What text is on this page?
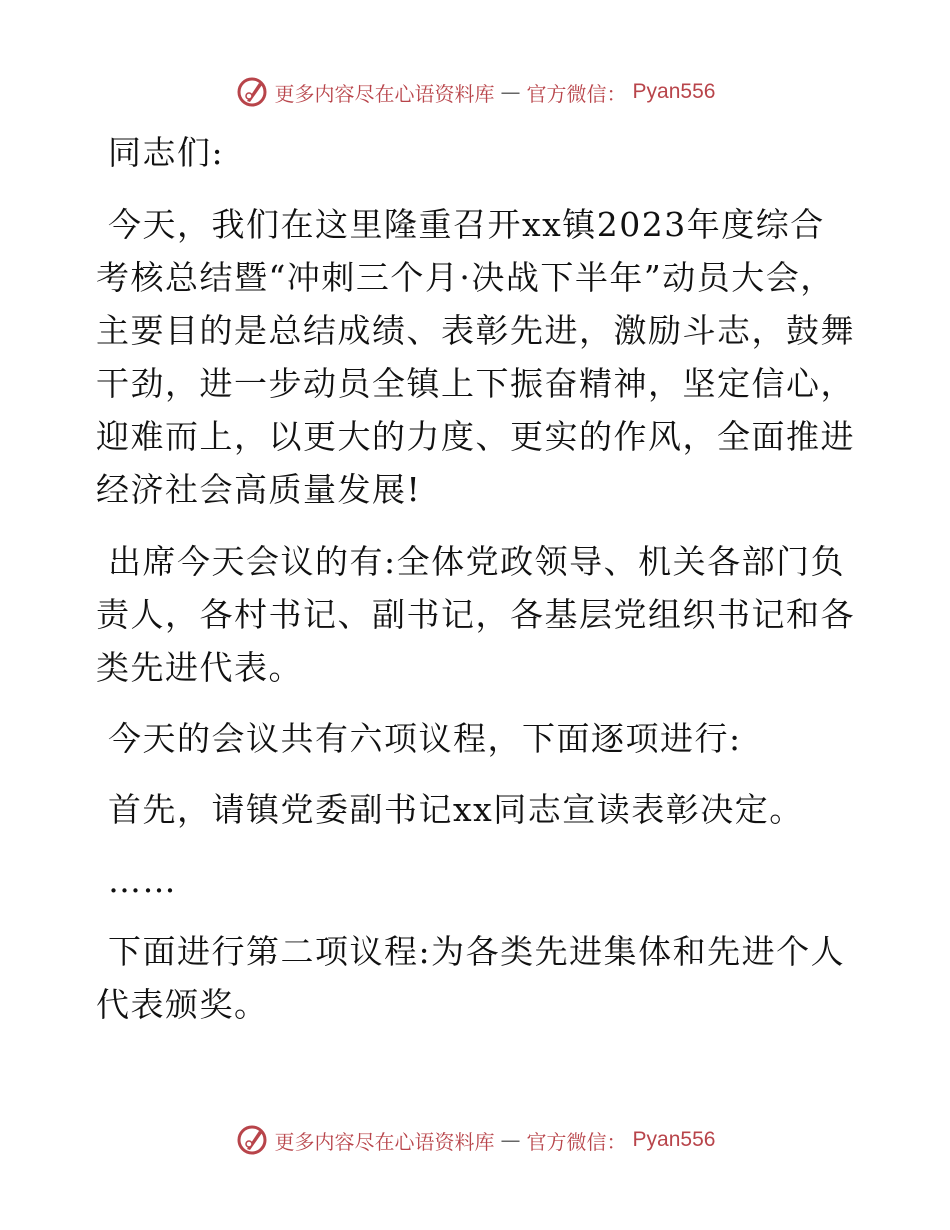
更多内容尽在心语资料库 — 官方微信： Pyan556

同志们:

今天，我们在这里隆重召开xx镇2023年度综合考核总结暨“冲刺三个月·决战下半年”动员大会，主要目的是总结成绩、表彰先进，激励斗志，鼓舞干劲，进一步动员全镇上下振奋精神，坚定信心，迎难而上，以更大的力度、更实的作风，全面推进经济社会高质量发展!

出席今天会议的有:全体党政领导、机关各部门负责人，各村书记、副书记，各基层党组织书记和各类先进代表。

今天的会议共有六项议程，下面逐项进行:

首先，请镇党委副书记xx同志宣读表彰决定。

……

下面进行第二项议程:为各类先进集体和先进个人代表颁奖。

更多内容尽在心语资料库 — 官方微信： Pyan556
